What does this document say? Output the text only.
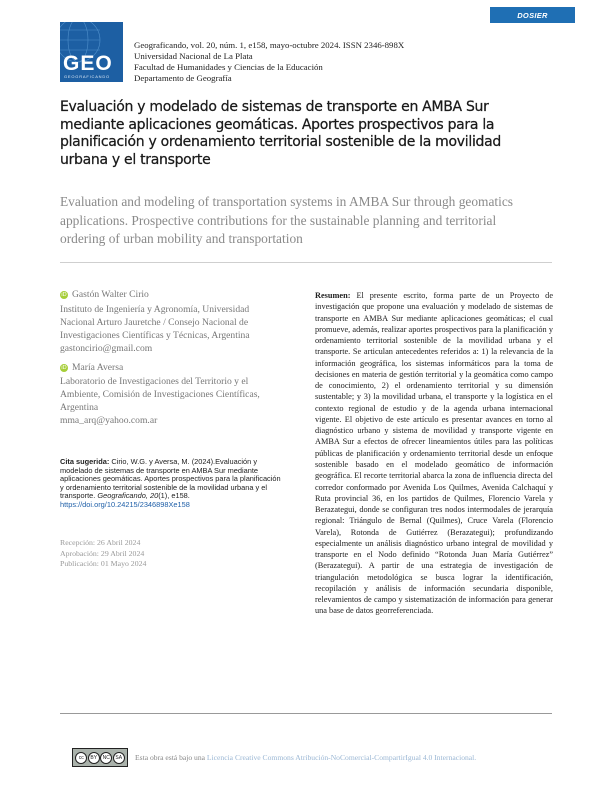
DOSIER
GEO
GEOGRAFICANDO
Geograficando, vol. 20, núm. 1, e158, mayo-octubre 2024. ISSN 2346-898X
Universidad Nacional de La Plata
Facultad de Humanidades y Ciencias de la Educación
Departamento de Geografía
Evaluación y modelado de sistemas de transporte en AMBA Sur
mediante aplicaciones geomáticas. Aportes prospectivos para la
planificación y ordenamiento territorial sostenible de la movilidad
urbana y el transporte
Evaluation and modeling of transportation systems in AMBA Sur through geomatics
applications. Prospective contributions for the sustainable planning and territorial
ordering of urban mobility and transportation
iD Gastón Walter Cirio
Instituto de Ingeniería y Agronomía, Universidad
Nacional Arturo Jauretche / Consejo Nacional de
Investigaciones Científicas y Técnicas, Argentina
gastoncirio@gmail.com
iD María Aversa
Laboratorio de Investigaciones del Territorio y el
Ambiente, Comisión de Investigaciones Científicas,
Argentina
mma_arq@yahoo.com.ar
Cita sugerida: Cirio, W.G. y Aversa, M. (2024).Evaluación y modelado de sistemas de transporte en AMBA Sur mediante aplicaciones geomáticas. Aportes prospectivos para la planificación y ordenamiento territorial sostenible de la movilidad urbana y el transporte. Geograficando, 20(1), e158. https://doi.org/10.24215/2346898Xe158
Recepción: 26 Abril 2024
Aprobación: 29 Abril 2024
Publicación: 01 Mayo 2024
Resumen: El presente escrito, forma parte de un Proyecto de investigación que propone una evaluación y modelado de sistemas de transporte en AMBA Sur mediante aplicaciones geomáticas; el cual promueve, además, realizar aportes prospectivos para la planificación y ordenamiento territorial sostenible de la movilidad urbana y el transporte. Se articulan antecedentes referidos a: 1) la relevancia de la información geográfica, los sistemas informáticos para la toma de decisiones en materia de gestión territorial y la geomática como campo de conocimiento, 2) el ordenamiento territorial y su dimensión sustentable; y 3) la movilidad urbana, el transporte y la logística en el contexto regional de estudio y de la agenda urbana internacional vigente. El objetivo de este artículo es presentar avances en torno al diagnóstico urbano y sistema de movilidad y transporte vigente en AMBA Sur a efectos de ofrecer lineamientos útiles para las políticas públicas de planificación y ordenamiento territorial desde un enfoque sostenible basado en el modelado geomático de información geográfica. El recorte territorial abarca la zona de influencia directa del corredor conformado por Avenida Los Quilmes, Avenida Calchaquí y Ruta provincial 36, en los partidos de Quilmes, Florencio Varela y Berazategui, donde se configuran tres nodos intermodales de jerarquía regional: Triángulo de Bernal (Quilmes), Cruce Varela (Florencio Varela), Rotonda de Gutiérrez (Berazategui); profundizando especialmente un análisis diagnóstico urbano integral de movilidad y transporte en el Nodo definido “Rotonda Juan María Gutiérrez” (Berazategui). A partir de una estrategia de investigación de triangulación metodológica se busca lograr la identificación, recopilación y análisis de información secundaria disponible, relevamientos de campo y sistematización de información para generar una base de datos georreferenciada.
cc	BY	NC	SA	Esta obra está bajo una Licencia Creative Commons Atribución-NoComercial-CompartirIgual 4.0 Internacional.
